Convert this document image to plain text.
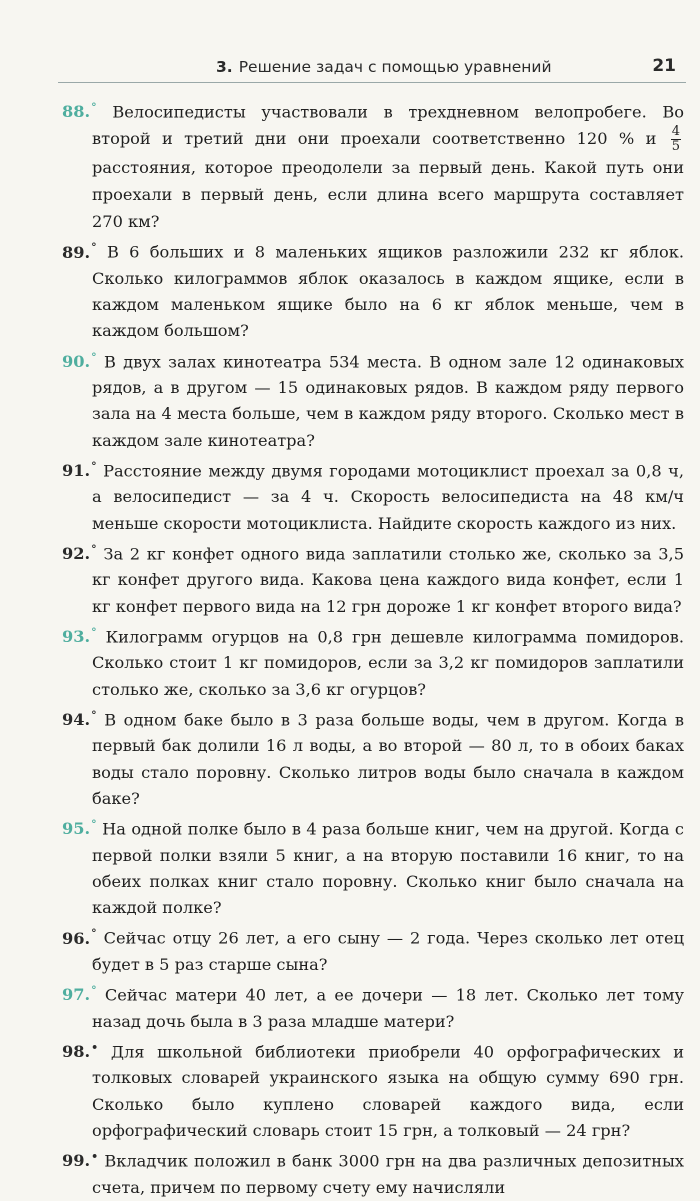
3. Решение задач с помощью уравнений	21

88.° Велосипедисты участвовали в трехдневном велопробеге. Во второй и третий дни они проехали соответственно 120 % и $\frac{4}{5}$
расстояния, которое преодолели за первый день. Какой путь они проехали в первый день, если длина всего маршрута составляет 270 км?

89.° В 6 больших и 8 маленьких ящиков разложили 232 кг яблок. Сколько килограммов яблок оказалось в каждом ящике, если в каждом маленьком ящике было на 6 кг яблок меньше, чем в каждом большом?

90.° В двух залах кинотеатра 534 места. В одном зале 12 одинаковых рядов, а в другом — 15 одинаковых рядов. В каждом ряду первого зала на 4 места больше, чем в каждом ряду второго. Сколько мест в каждом зале кинотеатра?

91.° Расстояние между двумя городами мотоциклист проехал за 0,8 ч, а велосипедист — за 4 ч. Скорость велосипедиста на 48 км/ч меньше скорости мотоциклиста. Найдите скорость каждого из них.

92.° За 2 кг конфет одного вида заплатили столько же, сколько за 3,5 кг конфет другого вида. Какова цена каждого вида конфет, если 1 кг конфет первого вида на 12 грн дороже 1 кг конфет второго вида?

93.° Килограмм огурцов на 0,8 грн дешевле килограмма помидоров. Сколько стоит 1 кг помидоров, если за 3,2 кг помидоров заплатили столько же, сколько за 3,6 кг огурцов?

94.° В одном баке было в 3 раза больше воды, чем в другом. Когда в первый бак долили 16 л воды, а во второй — 80 л, то в обоих баках воды стало поровну. Сколько литров воды было сначала в каждом баке?

95.° На одной полке было в 4 раза больше книг, чем на другой. Когда с первой полки взяли 5 книг, а на вторую поставили 16 книг, то на обеих полках книг стало поровну. Сколько книг было сначала на каждой полке?

96.° Сейчас отцу 26 лет, а его сыну — 2 года. Через сколько лет отец будет в 5 раз старше сына?

97.° Сейчас матери 40 лет, а ее дочери — 18 лет. Сколько лет тому назад дочь была в 3 раза младше матери?

98.• Для школьной библиотеки приобрели 40 орфографических и толковых словарей украинского языка на общую сумму 690 грн. Сколько было куплено словарей каждого вида, если орфографический словарь стоит 15 грн, а толковый — 24 грн?

99.• Вкладчик положил в банк 3000 грн на два различных депозитных счета, причем по первому счету ему начисляли
